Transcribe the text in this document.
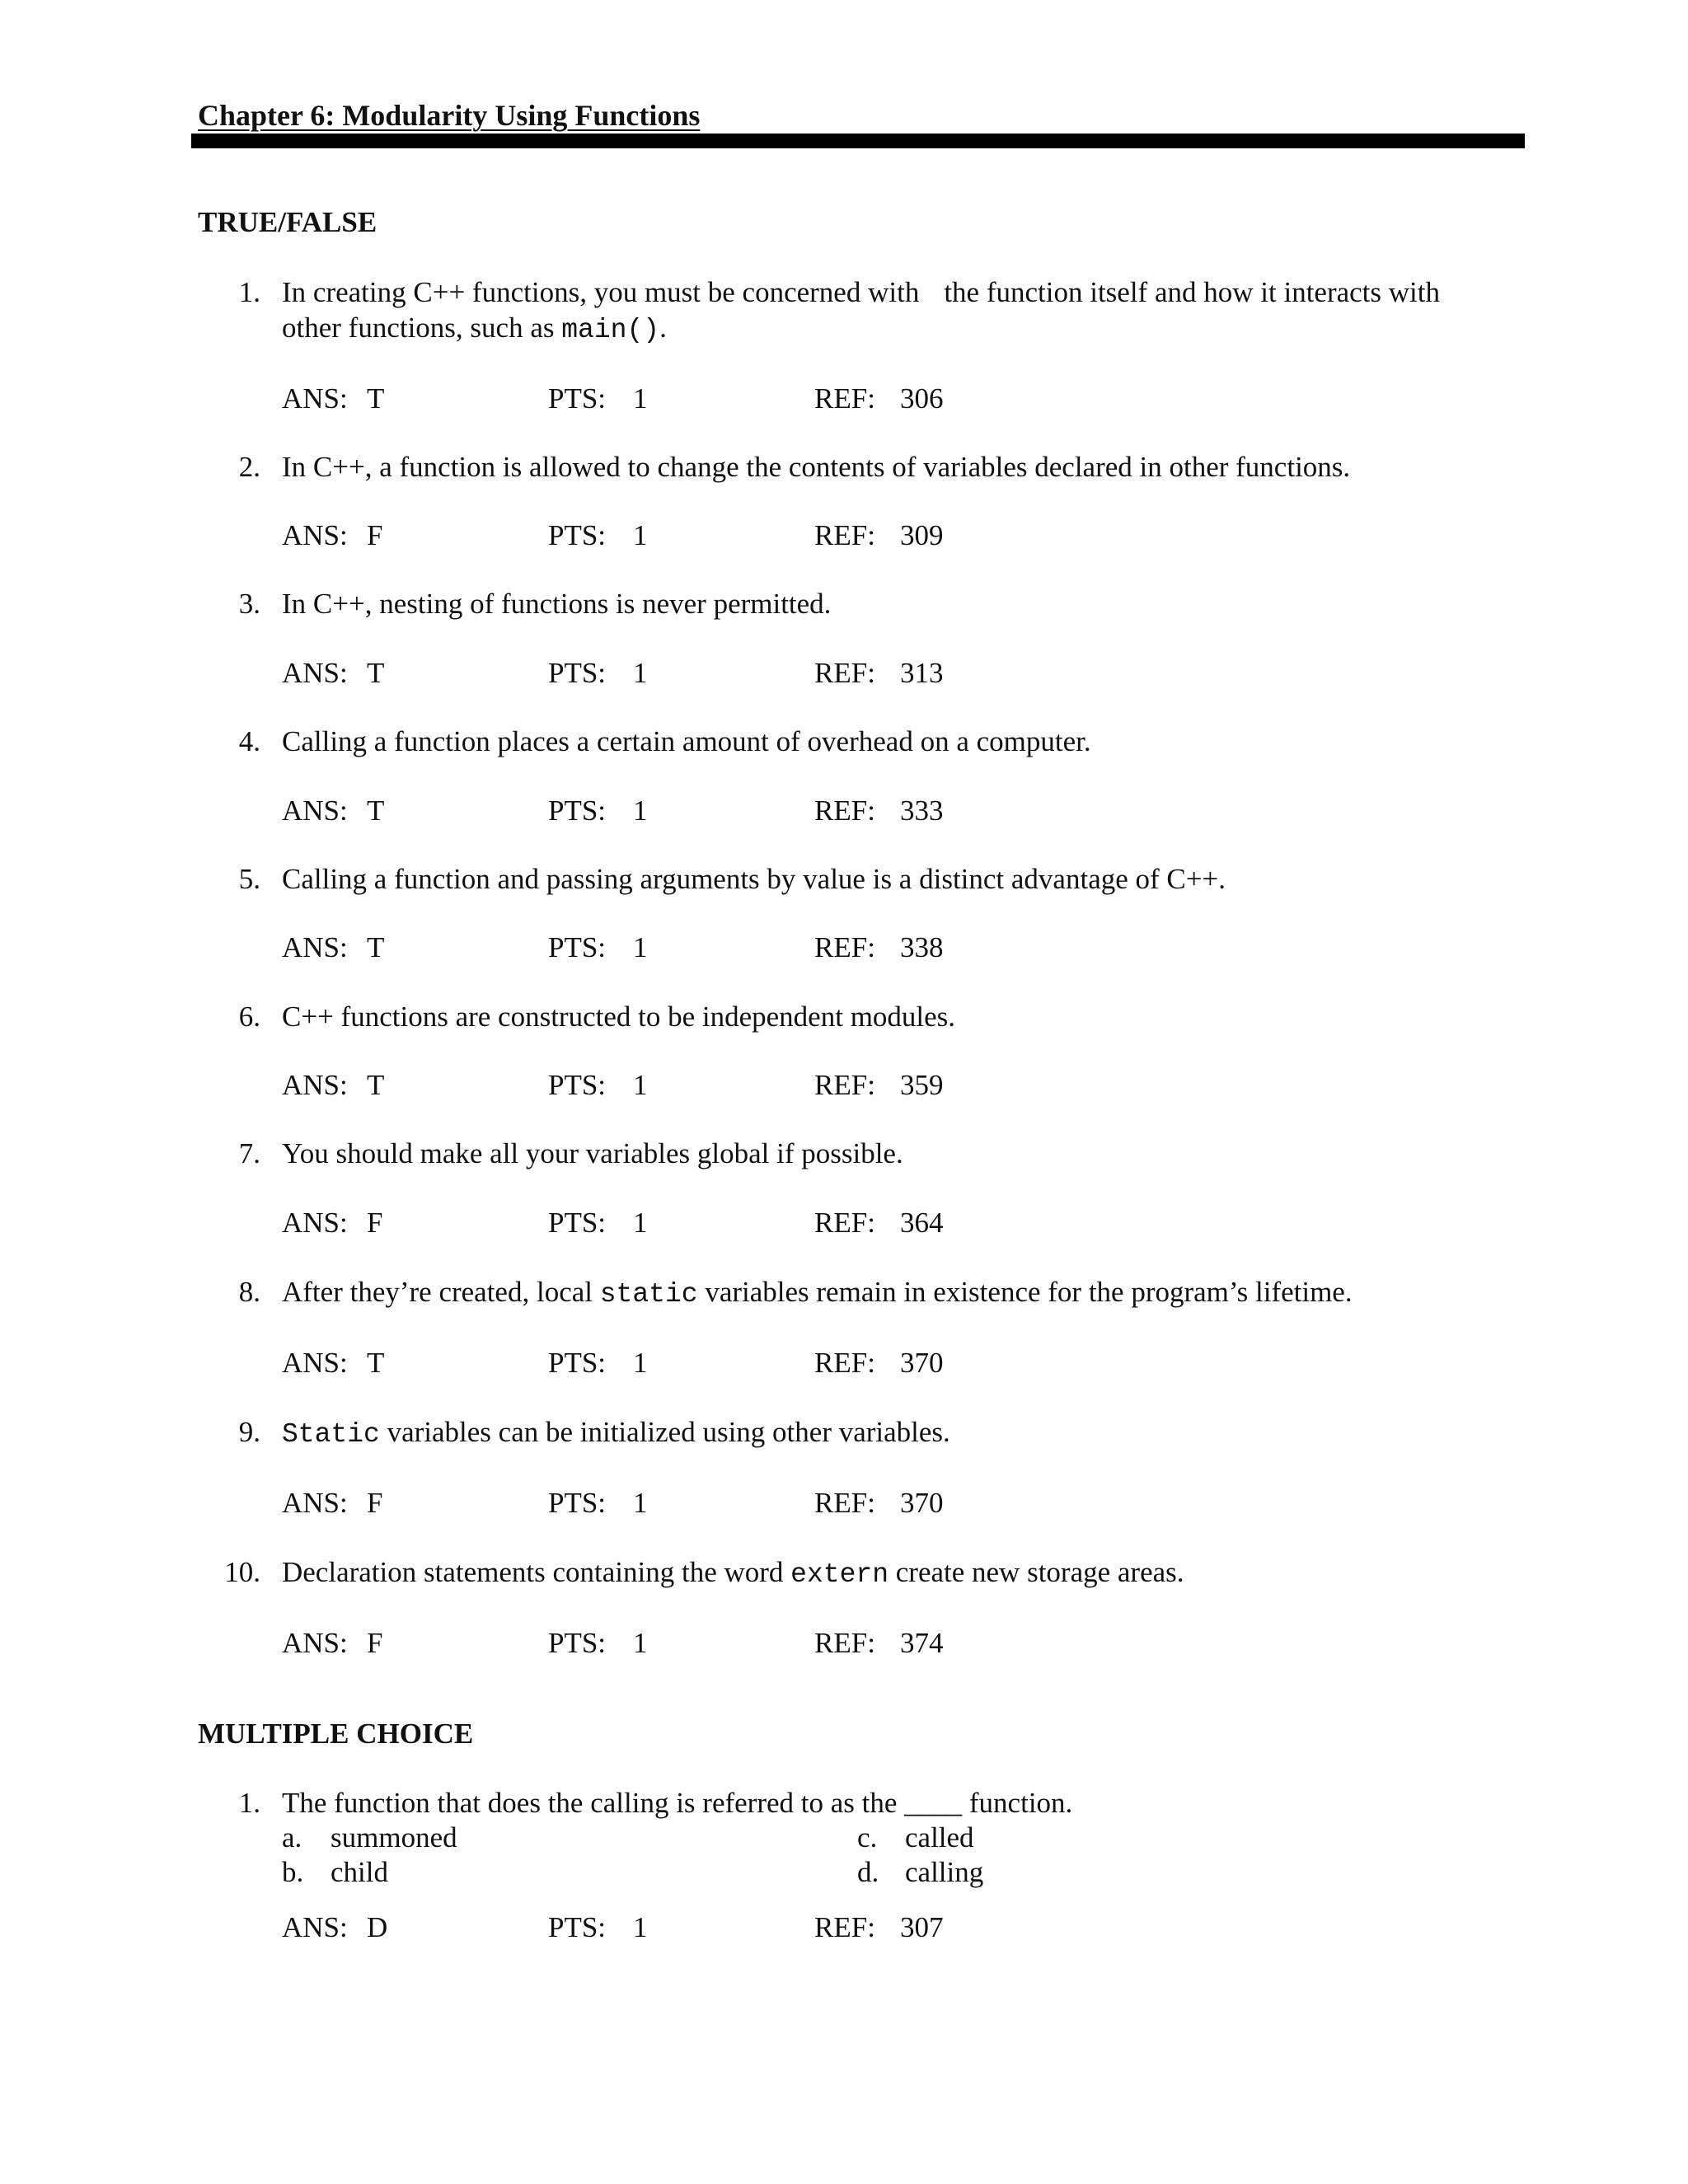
Chapter 6: Modularity Using Functions
TRUE/FALSE
1. In creating C++ functions, you must be concerned with the function itself and how it interacts with
other functions, such as main().
ANS: T	PTS: 1	REF: 306
2. In C++, a function is allowed to change the contents of variables declared in other functions.
ANS: F	PTS: 1	REF: 309
3. In C++, nesting of functions is never permitted.
ANS: T	PTS: 1	REF: 313
4. Calling a function places a certain amount of overhead on a computer.
ANS: T	PTS: 1	REF: 333
5. Calling a function and passing arguments by value is a distinct advantage of C++.
ANS: T	PTS: 1	REF: 338
6. C++ functions are constructed to be independent modules.
ANS: T	PTS: 1	REF: 359
7. You should make all your variables global if possible.
ANS: F	PTS: 1	REF: 364
8. After they’re created, local static variables remain in existence for the program’s lifetime.
ANS: T	PTS: 1	REF: 370
9. Static variables can be initialized using other variables.
ANS: F	PTS: 1	REF: 370
10. Declaration statements containing the word extern create new storage areas.
ANS: F	PTS: 1	REF: 374
MULTIPLE CHOICE
1. The function that does the calling is referred to as the ____ function.
a. summoned
b. child
c. called
d. calling
ANS: D	PTS: 1	REF: 307
